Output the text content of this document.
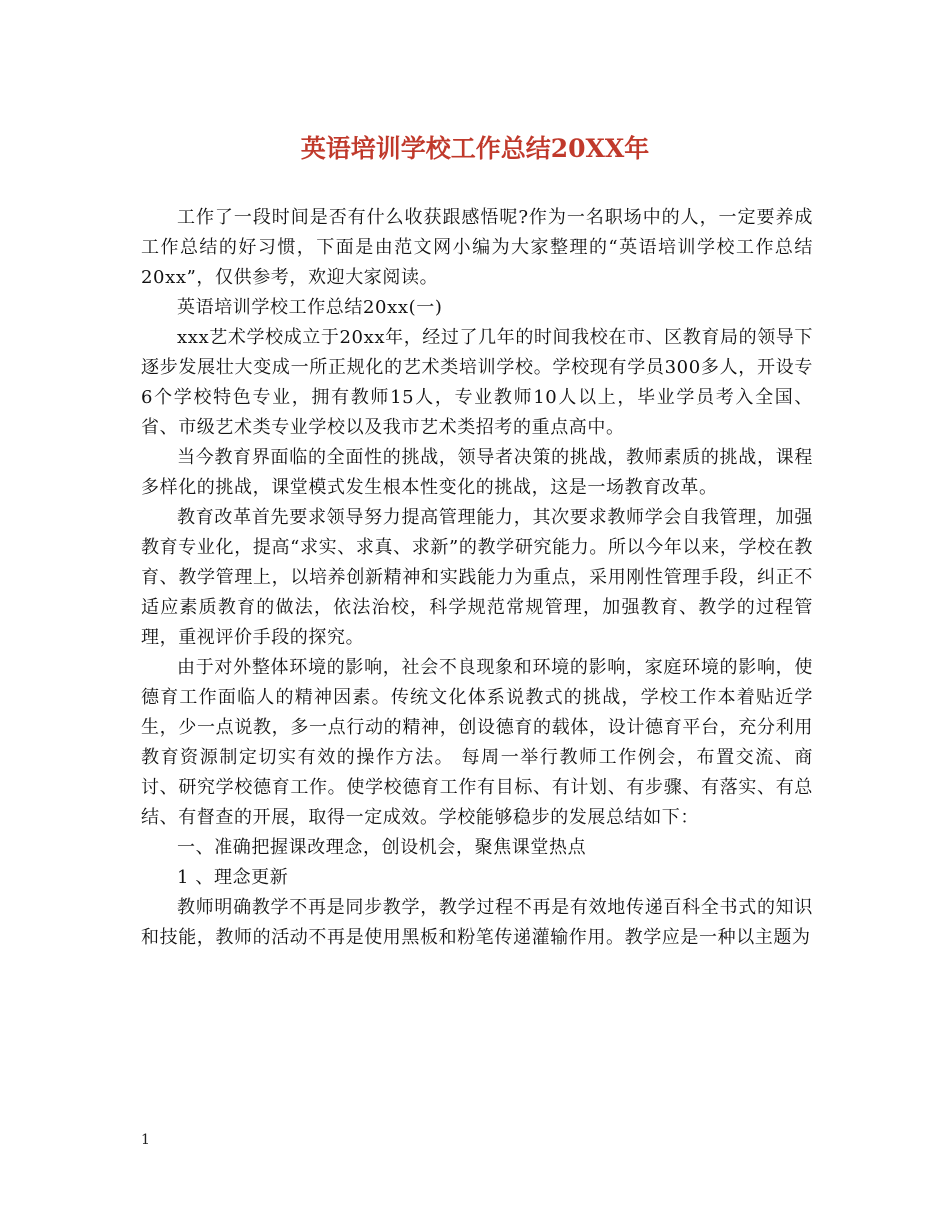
英语培训学校工作总结20XX年

工作了一段时间是否有什么收获跟感悟呢?作为一名职场中的人，一定要养成工作总结的好习惯，下面是由范文网小编为大家整理的“英语培训学校工作总结20xx”，仅供参考，欢迎大家阅读。

英语培训学校工作总结20xx(一)

xxx艺术学校成立于20xx年，经过了几年的时间我校在市、区教育局的领导下逐步发展壮大变成一所正规化的艺术类培训学校。学校现有学员300多人，开设专6个学校特色专业，拥有教师15人，专业教师10人以上，毕业学员考入全国、省、市级艺术类专业学校以及我市艺术类招考的重点高中。

当今教育界面临的全面性的挑战，领导者决策的挑战，教师素质的挑战，课程多样化的挑战，课堂模式发生根本性变化的挑战，这是一场教育改革。

教育改革首先要求领导努力提高管理能力，其次要求教师学会自我管理，加强教育专业化，提高“求实、求真、求新”的教学研究能力。所以今年以来，学校在教育、教学管理上，以培养创新精神和实践能力为重点，采用刚性管理手段，纠正不适应素质教育的做法，依法治校，科学规范常规管理，加强教育、教学的过程管理，重视评价手段的探究。

由于对外整体环境的影响，社会不良现象和环境的影响，家庭环境的影响，使德育工作面临人的精神因素。传统文化体系说教式的挑战，学校工作本着贴近学生，少一点说教，多一点行动的精神，创设德育的载体，设计德育平台，充分利用教育资源制定切实有效的操作方法。 每周一举行教师工作例会，布置交流、商讨、研究学校德育工作。使学校德育工作有目标、有计划、有步骤、有落实、有总结、有督查的开展，取得一定成效。学校能够稳步的发展总结如下：

一、准确把握课改理念，创设机会，聚焦课堂热点

1 、理念更新

教师明确教学不再是同步教学，教学过程不再是有效地传递百科全书式的知识和技能，教师的活动不再是使用黑板和粉笔传递灌输作用。教学应是一种以主题为

1
